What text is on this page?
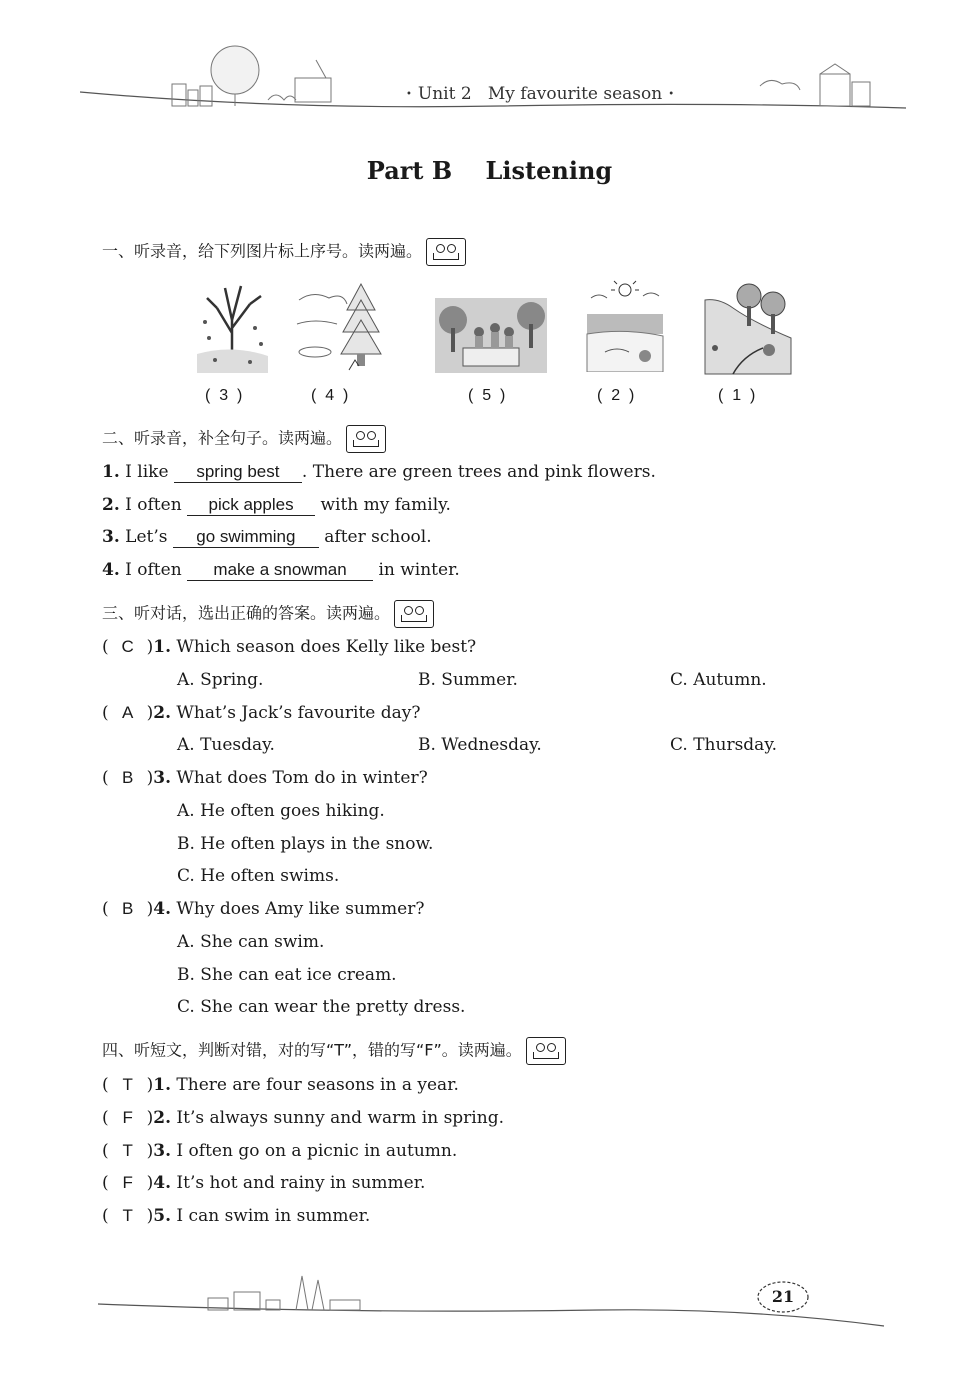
• Unit 2 My favourite season •
Part B    Listening
一、听录音，给下列图片标上序号。读两遍。
(  3  )	(  4  )	(  5  )	(  2  )	(  1  )
二、听录音，补全句子。读两遍。
1. I like spring best . There are green trees and pink flowers.
2. I often pick apples with my family.
3. Let’s go swimming after school.
4. I often make a snowman in winter.
三、听对话，选出正确的答案。读两遍。
( C )1. Which season does Kelly like best?
A. Spring.	B. Summer.	C. Autumn.
( A )2. What’s Jack’s favourite day?
A. Tuesday.	B. Wednesday.	C. Thursday.
( B )3. What does Tom do in winter?
A. He often goes hiking.
B. He often plays in the snow.
C. He often swims.
( B )4. Why does Amy like summer?
A. She can swim.
B. She can eat ice cream.
C. She can wear the pretty dress.
四、听短文，判断对错，对的写“T”，错的写“F”。读两遍。
( T )1. There are four seasons in a year.
( F )2. It’s always sunny and warm in spring.
( T )3. I often go on a picnic in autumn.
( F )4. It’s hot and rainy in summer.
( T )5. I can swim in summer.
21
